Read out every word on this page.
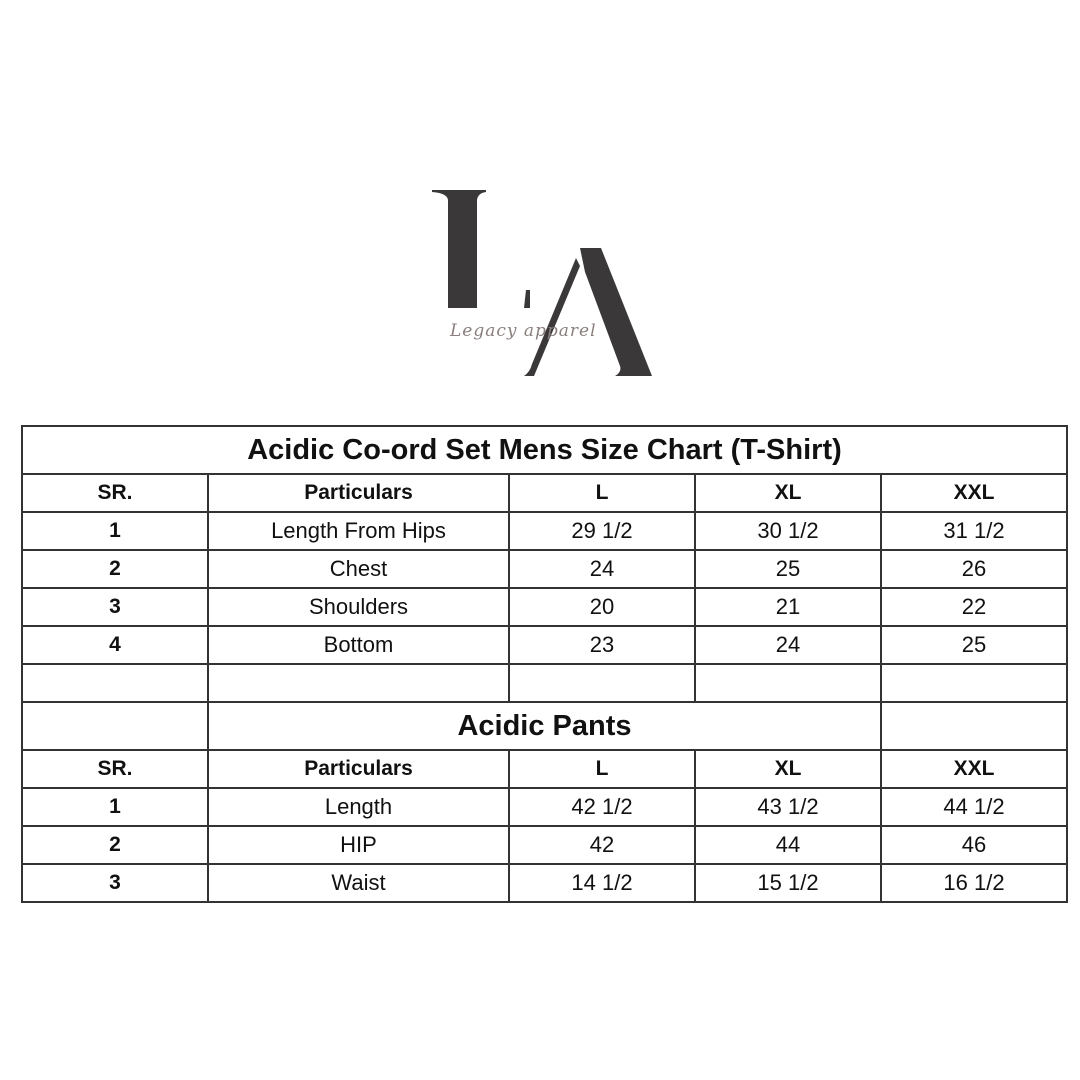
Legacy apparel
Acidic Co-ord Set Mens Size Chart (T-Shirt)				
SR.	Particulars	L	XL	XXL
1	Length From Hips	29 1/2	30 1/2	31 1/2
2	Chest	24	25	26
3	Shoulders	20	21	22
4	Bottom	23	24	25

	Acidic Pants			
SR.	Particulars	L	XL	XXL
1	Length	42 1/2	43 1/2	44 1/2
2	HIP	42	44	46
3	Waist	14 1/2	15 1/2	16 1/2
